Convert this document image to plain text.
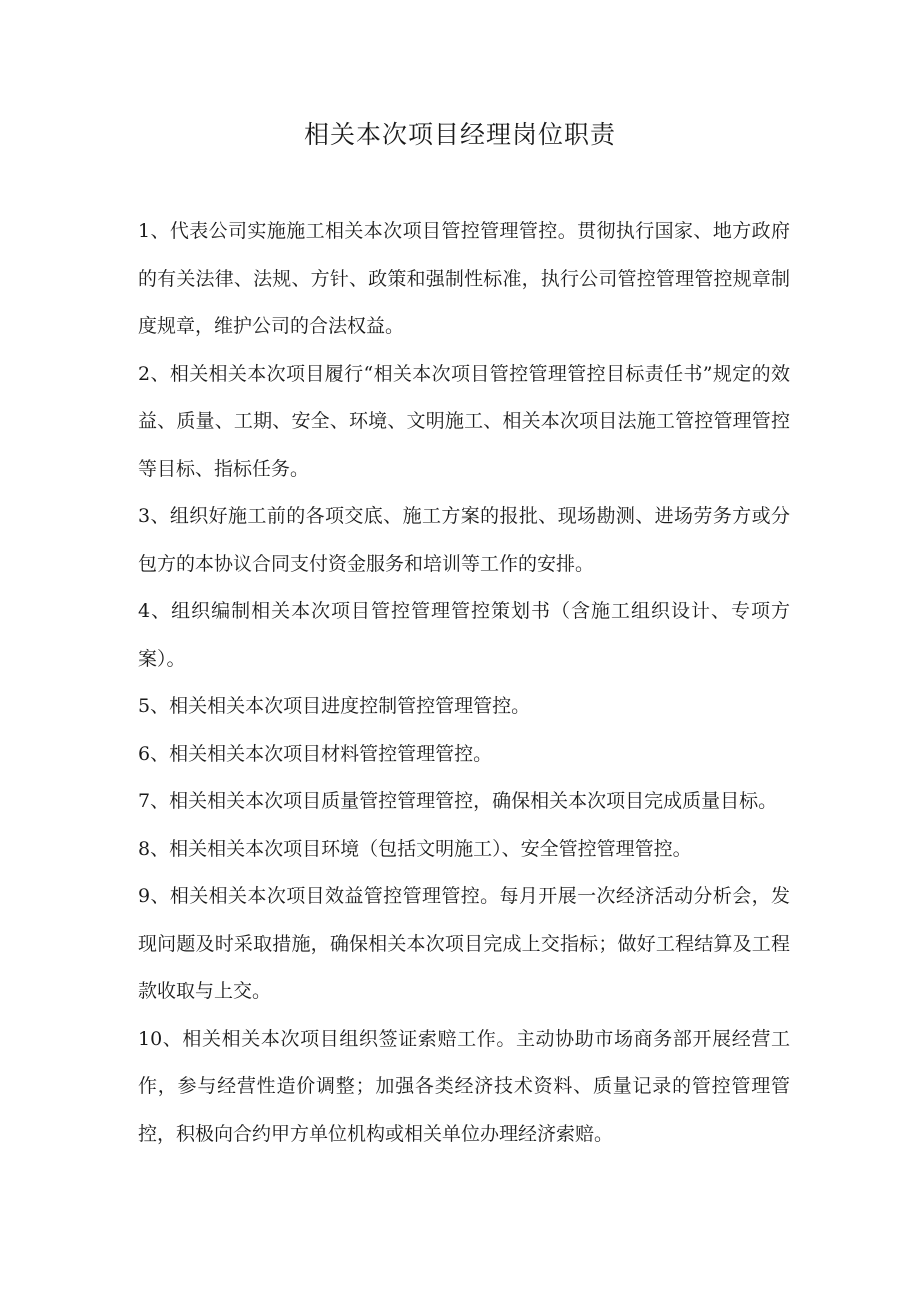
相关本次项目经理岗位职责

1、代表公司实施施工相关本次项目管控管理管控。贯彻执行国家、地方政府的有关法律、法规、方针、政策和强制性标准，执行公司管控管理管控规章制度规章，维护公司的合法权益。

2、相关相关本次项目履行“相关本次项目管控管理管控目标责任书”规定的效益、质量、工期、安全、环境、文明施工、相关本次项目法施工管控管理管控等目标、指标任务。

3、组织好施工前的各项交底、施工方案的报批、现场勘测、进场劳务方或分包方的本协议合同支付资金服务和培训等工作的安排。

4、组织编制相关本次项目管控管理管控策划书（含施工组织设计、专项方案）。

5、相关相关本次项目进度控制管控管理管控。

6、相关相关本次项目材料管控管理管控。

7、相关相关本次项目质量管控管理管控，确保相关本次项目完成质量目标。

8、相关相关本次项目环境（包括文明施工）、安全管控管理管控。

9、相关相关本次项目效益管控管理管控。每月开展一次经济活动分析会，发现问题及时采取措施，确保相关本次项目完成上交指标；做好工程结算及工程款收取与上交。

10、相关相关本次项目组织签证索赔工作。主动协助市场商务部开展经营工作，参与经营性造价调整；加强各类经济技术资料、质量记录的管控管理管控，积极向合约甲方单位机构或相关单位办理经济索赔。
